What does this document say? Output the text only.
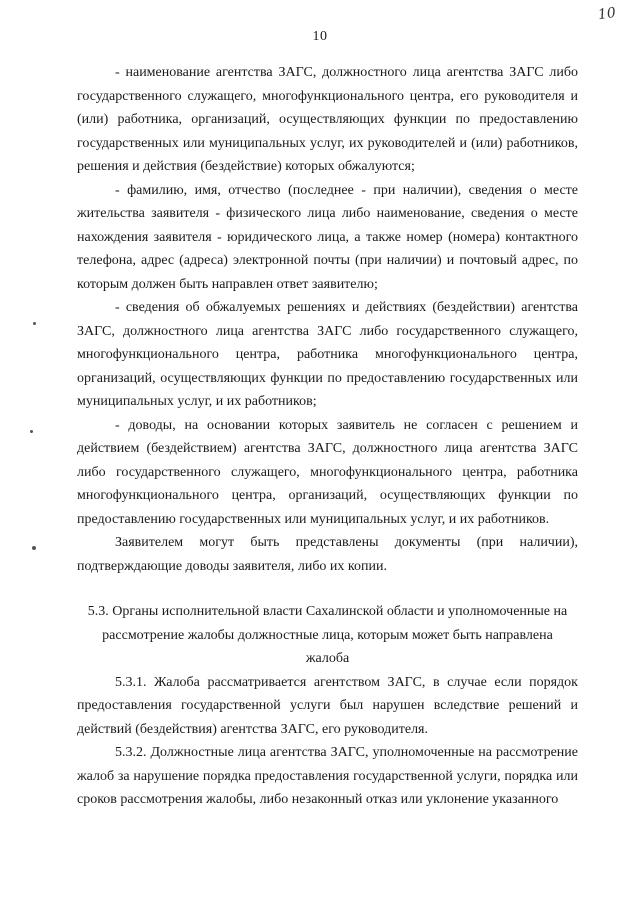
10
10

- наименование агентства ЗАГС, должностного лица агентства ЗАГС либо государственного служащего, многофункционального центра, его руководителя и (или) работника, организаций, осуществляющих функции по предоставлению государственных или муниципальных услуг, их руководителей и (или) работников, решения и действия (бездействие) которых обжалуются;

- фамилию, имя, отчество (последнее - при наличии), сведения о месте жительства заявителя - физического лица либо наименование, сведения о месте нахождения заявителя - юридического лица, а также номер (номера) контактного телефона, адрес (адреса) электронной почты (при наличии) и почтовый адрес, по которым должен быть направлен ответ заявителю;

- сведения об обжалуемых решениях и действиях (бездействии) агентства ЗАГС, должностного лица агентства ЗАГС либо государственного служащего, многофункционального центра, работника многофункционального центра, организаций, осуществляющих функции по предоставлению государственных или муниципальных услуг, и их работников;

- доводы, на основании которых заявитель не согласен с решением и действием (бездействием) агентства ЗАГС, должностного лица агентства ЗАГС либо государственного служащего, многофункционального центра, работника многофункционального центра, организаций, осуществляющих функции по предоставлению государственных или муниципальных услуг, и их работников.

Заявителем могут быть представлены документы (при наличии), подтверждающие доводы заявителя, либо их копии.

5.3. Органы исполнительной власти Сахалинской области и уполномоченные на рассмотрение жалобы должностные лица, которым может быть направлена жалоба

5.3.1. Жалоба рассматривается агентством ЗАГС, в случае если порядок предоставления государственной услуги был нарушен вследствие решений и действий (бездействия) агентства ЗАГС, его руководителя.

5.3.2. Должностные лица агентства ЗАГС, уполномоченные на рассмотрение жалоб за нарушение порядка предоставления государственной услуги, порядка или сроков рассмотрения жалобы, либо незаконный отказ или уклонение указанного
